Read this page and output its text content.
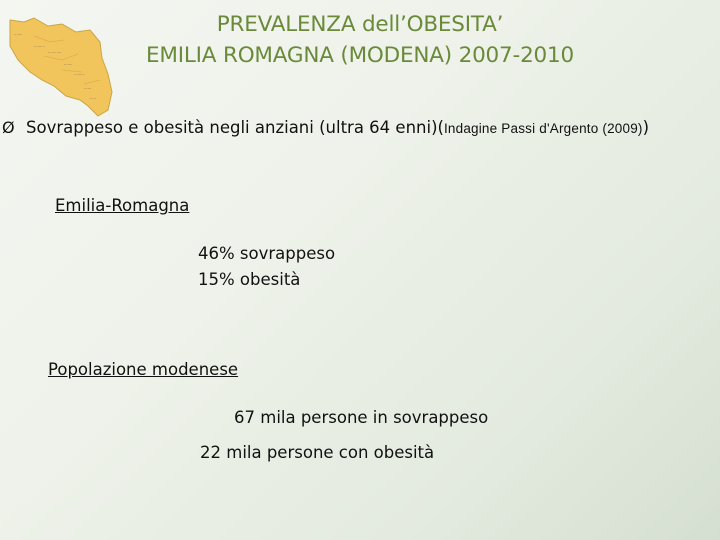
·······
·········
···········
·······
·········
······
·····
PREVALENZA dell’OBESITA’
EMILIA ROMAGNA (MODENA) 2007-2010
Ø Sovrappeso e obesità negli anziani (ultra 64 enni)(Indagine Passi d'Argento (2009))
Emilia-Romagna
46% sovrappeso
15% obesità
Popolazione modenese
67 mila persone in sovrappeso
22 mila persone con obesità
